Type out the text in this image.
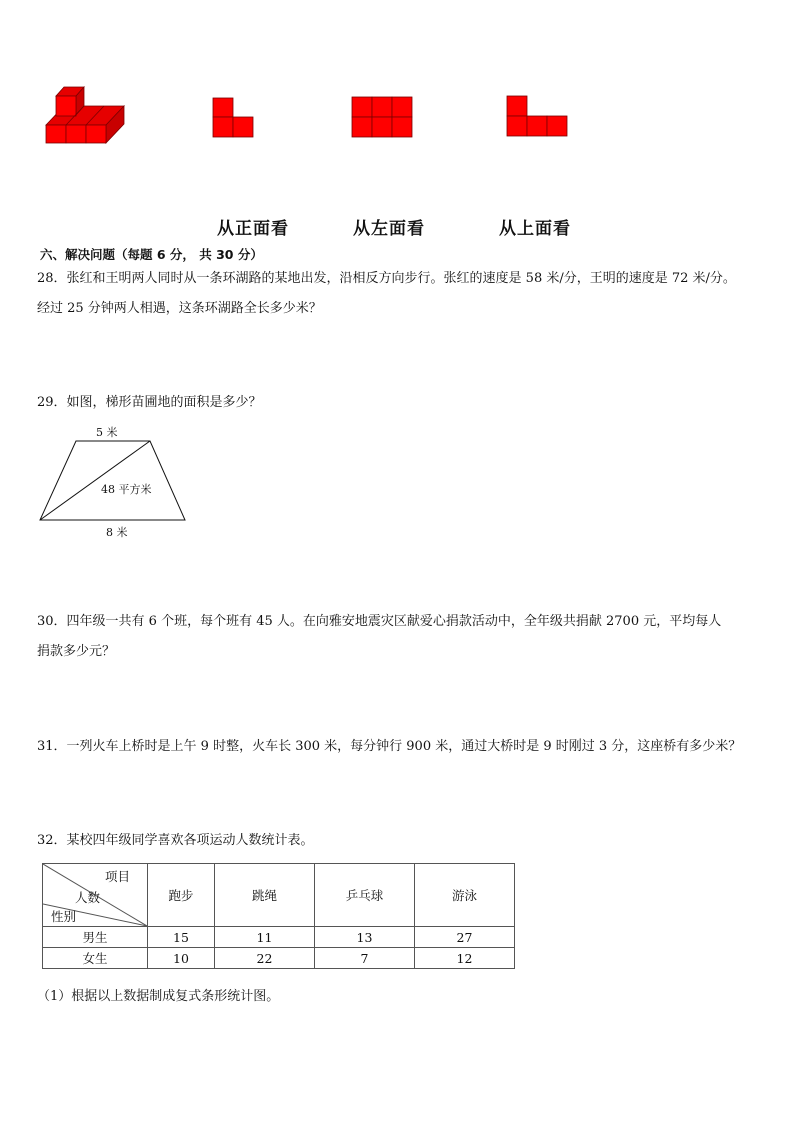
从正面看	从左面看	从上面看
六、解决问题（每题 6 分， 共 30 分）
28．张红和王明两人同时从一条环湖路的某地出发，沿相反方向步行。张红的速度是 58 米/分，王明的速度是 72 米/分。
经过 25 分钟两人相遇，这条环湖路全长多少米？
29．如图，梯形苗圃地的面积是多少？
5 米
48 平方米
8 米
30．四年级一共有 6 个班，每个班有 45 人。在向雅安地震灾区献爱心捐款活动中，全年级共捐献 2700 元，平均每人
捐款多少元？
31．一列火车上桥时是上午 9 时整，火车长 300 米，每分钟行 900 米，通过大桥时是 9 时刚过 3 分，这座桥有多少米？
32．某校四年级同学喜欢各项运动人数统计表。
项目
人数
性别	跑步	跳绳	乒乓球	游泳
男生	15	11	13	27
女生	10	22	7	12
（1）根据以上数据制成复式条形统计图。
